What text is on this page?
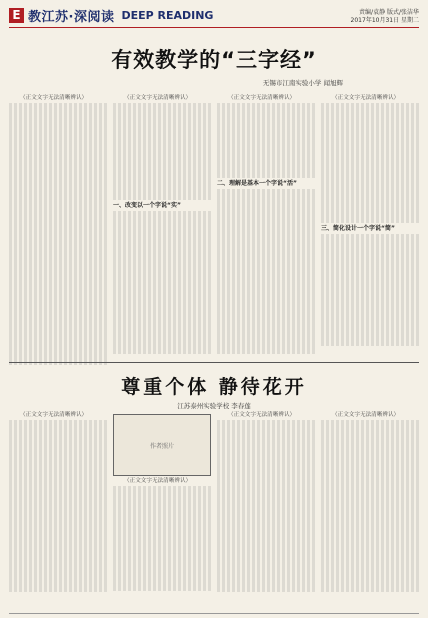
E 教江苏·深阅读 DEEP READING	责编/袁静 版式/张洁华
2017年10月31日 星期二
有效教学的“三字经”
无锡市江南实验小学 闻旭辉

（正文文字无法清晰辨认）	（正文文字无法清晰辨认）

一、改变以一个字说“实”

（正文文字无法清晰辨认）

二、理解是基本一个字说“活”

（正文文字无法清晰辨认）

三、简化设计一个字说“简”
尊重个体 静待花开
江苏泰州实验学校 李春莲

（正文文字无法清晰辨认）

作者照片

（正文文字无法清晰辨认）

（正文文字无法清晰辨认）	（正文文字无法清晰辨认）
